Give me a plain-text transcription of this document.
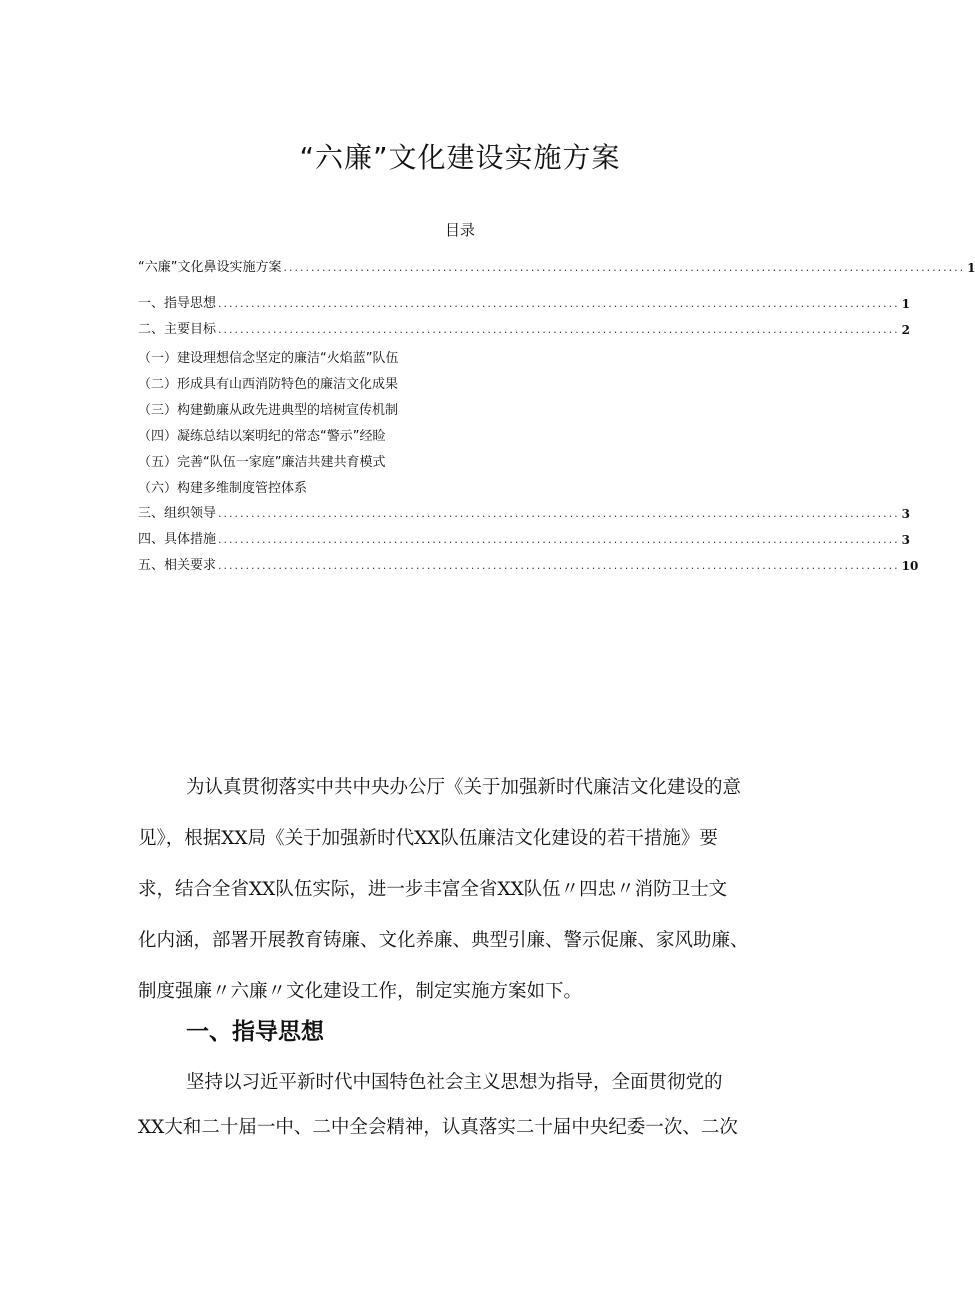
“六廉”文化建设实施方案
目录
“六廉”文化鼻设实施方案 ............................................................................................................................ 1
一、指导思想 ............................................................................................................................ 1
二、主要目标 ............................................................................................................................ 2
（一）建设理想信念坚定的廉洁“火焰蓝”队伍
（二）形成具有山西消防特色的廉洁文化成果
（三）构建勤廉从政先进典型的培树宣传机制
（四）凝练总结以案明纪的常态“警示”经睑
（五）完善“队伍一家庭”廉洁共建共育模式
（六）构建多维制度管控体系
三、组织领导 ............................................................................................................................ 3
四、具体措施 ............................................................................................................................ 3
五、相关要求 ............................................................................................................................ 10
为认真贯彻落实中共中央办公厅《关于加强新时代廉洁文化建设的意
见》，根据XX局《关于加强新时代XX队伍廉洁文化建设的若干措施》要
求，结合全省XX队伍实际，进一步丰富全省XX队伍〃四忠〃消防卫士文
化内涵，部署开展教育铸廉、文化养廉、典型引廉、警示促廉、家风助廉、
制度强廉〃六廉〃文化建设工作，制定实施方案如下。
一、指导思想
坚持以习近平新时代中国特色社会主义思想为指导，全面贯彻党的
XX大和二十届一中、二中全会精神，认真落实二十届中央纪委一次、二次
